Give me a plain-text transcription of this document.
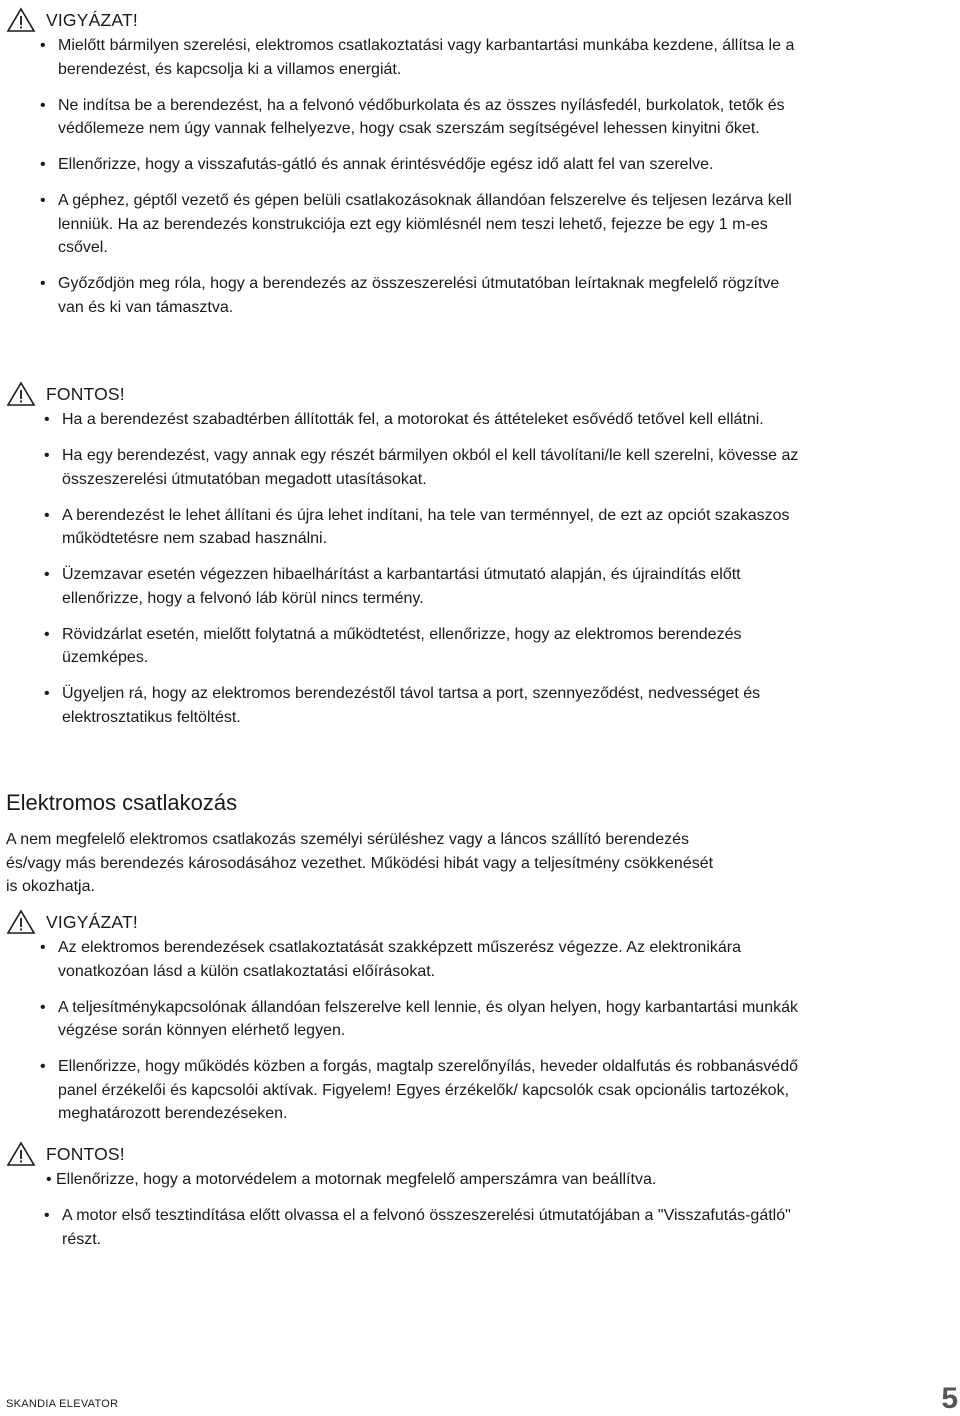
VIGYÁZAT!
• Mielőtt bármilyen szerelési, elektromos csatlakoztatási vagy karbantartási munkába kezdene, állítsa le a berendezést, és kapcsolja ki a villamos energiát.
• Ne indítsa be a berendezést, ha a felvonó védőburkolata és az összes nyílásfedél, burkolatok, tetők és védőlemeze nem úgy vannak felhelyezve, hogy csak szerszám segítségével lehessen kinyitni őket.
• Ellenőrizze, hogy a visszafutás-gátló és annak érintésvédője egész idő alatt fel van szerelve.
• A géphez, géptől vezető és gépen belüli csatlakozásoknak állandóan felszerelve és teljesen lezárva kell lenniük. Ha az berendezés konstrukciója ezt egy kiömlésnél nem teszi lehető, fejezze be egy 1 m-es csővel.
• Győződjön meg róla, hogy a berendezés az összeszerelési útmutatóban leírtaknak megfelelő rögzítve van és ki van támasztva.
FONTOS!
• Ha a berendezést szabadtérben állították fel, a motorokat és áttételeket esővédő tetővel kell ellátni.
• Ha egy berendezést, vagy annak egy részét bármilyen okból el kell távolítani/le kell szerelni, kövesse az összeszerelési útmutatóban megadott utasításokat.
• A berendezést le lehet állítani és újra lehet indítani, ha tele van terménnyel, de ezt az opciót szakaszos működtetésre nem szabad használni.
• Üzemzavar esetén végezzen hibaelhárítást a karbantartási útmutató alapján, és újraindítás előtt ellenőrizze, hogy a felvonó láb körül nincs termény.
• Rövidzárlat esetén, mielőtt folytatná a működtetést, ellenőrizze, hogy az elektromos berendezés üzemképes.
• Ügyeljen rá, hogy az elektromos berendezéstől távol tartsa a port, szennyeződést, nedvességet és elektrosztatikus feltöltést.
Elektromos csatlakozás
A nem megfelelő elektromos csatlakozás személyi sérüléshez vagy a láncos szállító berendezés és/vagy más berendezés károsodásához vezethet. Működési hibát vagy a teljesítmény csökkenését is okozhatja.
VIGYÁZAT!
• Az elektromos berendezések csatlakoztatását szakképzett műszerész végezze. Az elektronikára vonatkozóan lásd a külön csatlakoztatási előírásokat.
• A teljesítménykapcsolónak állandóan felszerelve kell lennie, és olyan helyen, hogy karbantartási munkák végzése során könnyen elérhető legyen.
• Ellenőrizze, hogy működés közben a forgás, magtalp szerelőnyílás, heveder oldalfutás és robbanásvédő panel érzékelői és kapcsolói aktívak. Figyelem! Egyes érzékelők/ kapcsolók csak opcionális tartozékok, meghatározott berendezéseken.
FONTOS!
• Ellenőrizze, hogy a motorvédelem a motornak megfelelő amperszámra van beállítva.
• A motor első tesztindítása előtt olvassa el a felvonó összeszerelési útmutatójában a "Visszafutás-gátló" részt.
SKANDIA ELEVATOR	5
